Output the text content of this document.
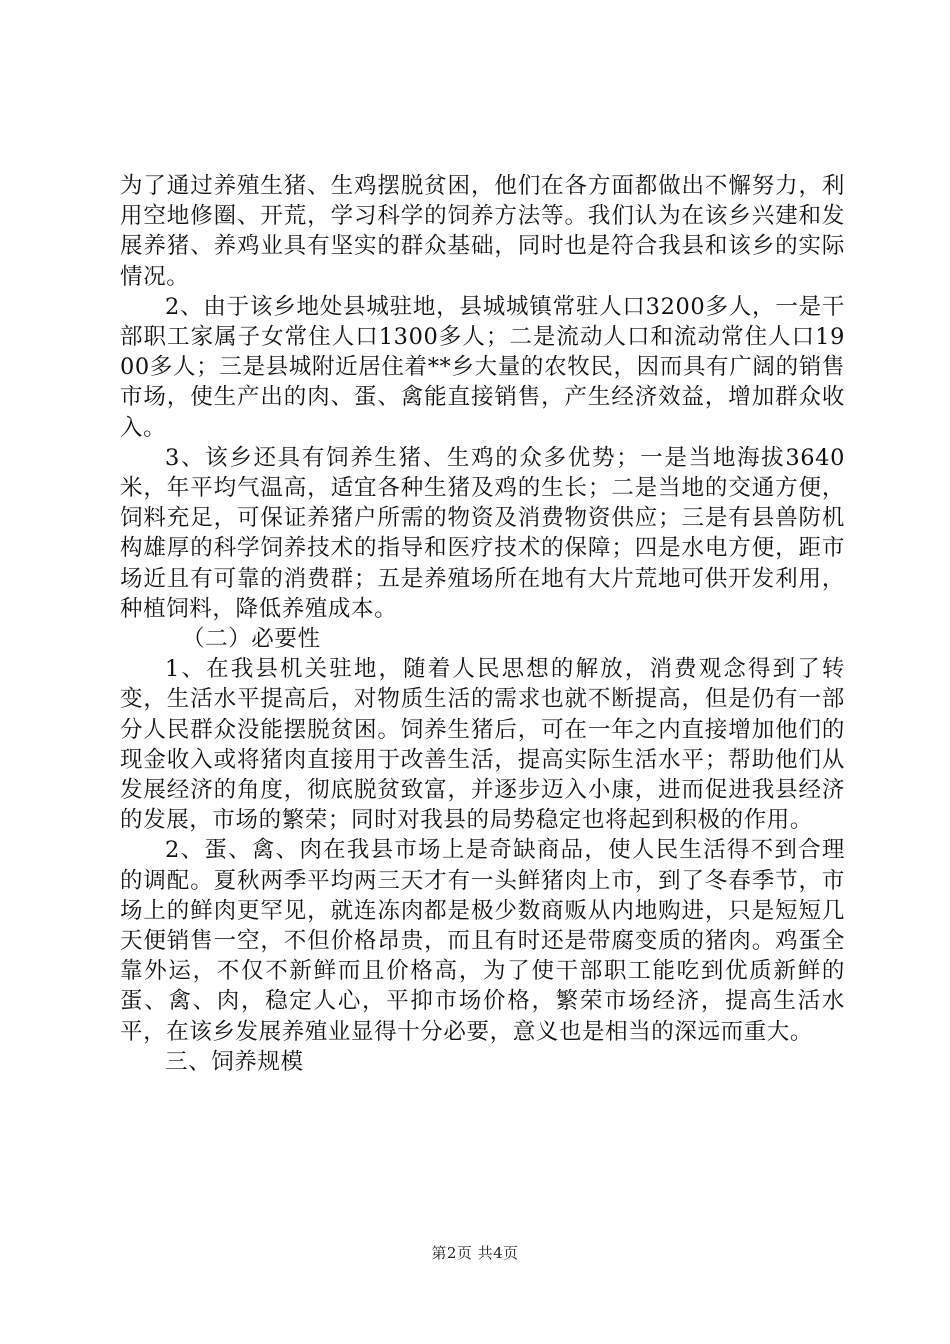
为了通过养殖生猪、生鸡摆脱贫困，他们在各方面都做出不懈努力，利用空地修圈、开荒，学习科学的饲养方法等。我们认为在该乡兴建和发展养猪、养鸡业具有坚实的群众基础，同时也是符合我县和该乡的实际情况。

2、由于该乡地处县城驻地，县城城镇常驻人口3200多人，一是干部职工家属子女常住人口1300多人；二是流动人口和流动常住人口1900多人；三是县城附近居住着**乡大量的农牧民，因而具有广阔的销售市场，使生产出的肉、蛋、禽能直接销售，产生经济效益，增加群众收入。

3、该乡还具有饲养生猪、生鸡的众多优势；一是当地海拔3640米，年平均气温高，适宜各种生猪及鸡的生长；二是当地的交通方便，饲料充足，可保证养猪户所需的物资及消费物资供应；三是有县兽防机构雄厚的科学饲养技术的指导和医疗技术的保障；四是水电方便，距市场近且有可靠的消费群；五是养殖场所在地有大片荒地可供开发利用，种植饲料，降低养殖成本。

（二）必要性

1、在我县机关驻地，随着人民思想的解放，消费观念得到了转变，生活水平提高后，对物质生活的需求也就不断提高，但是仍有一部分人民群众没能摆脱贫困。饲养生猪后，可在一年之内直接增加他们的现金收入或将猪肉直接用于改善生活，提高实际生活水平；帮助他们从发展经济的角度，彻底脱贫致富，并逐步迈入小康，进而促进我县经济的发展，市场的繁荣；同时对我县的局势稳定也将起到积极的作用。

2、蛋、禽、肉在我县市场上是奇缺商品，使人民生活得不到合理的调配。夏秋两季平均两三天才有一头鲜猪肉上市，到了冬春季节，市场上的鲜肉更罕见，就连冻肉都是极少数商贩从内地购进，只是短短几天便销售一空，不但价格昂贵，而且有时还是带腐变质的猪肉。鸡蛋全靠外运，不仅不新鲜而且价格高，为了使干部职工能吃到优质新鲜的蛋、禽、肉，稳定人心，平抑市场价格，繁荣市场经济，提高生活水平，在该乡发展养殖业显得十分必要，意义也是相当的深远而重大。

三、饲养规模

第2页 共4页
